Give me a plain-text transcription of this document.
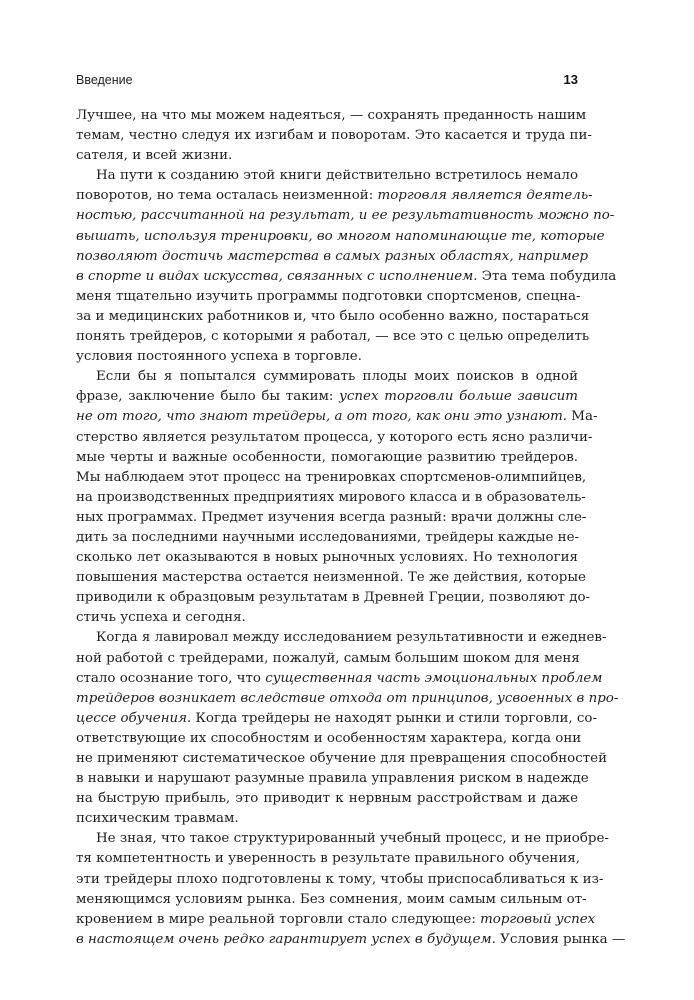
Введение	13
Лучшее, на что мы можем надеяться, — сохранять преданность нашим
темам, честно следуя их изгибам и поворотам. Это касается и труда пи-
сателя, и всей жизни.
На пути к созданию этой книги действительно встретилось немало
поворотов, но тема осталась неизменной: торговля является деятель-
ностью, рассчитанной на результат, и ее результативность можно по-
вышать, используя тренировки, во многом напоминающие те, которые
позволяют достичь мастерства в самых разных областях, например
в спорте и видах искусства, связанных с исполнением. Эта тема побудила
меня тщательно изучить программы подготовки спортсменов, спецна-
за и медицинских работников и, что было особенно важно, постараться
понять трейдеров, с которыми я работал, — все это с целью определить
условия постоянного успеха в торговле.
Если бы я попытался суммировать плоды моих поисков в одной
фразе, заключение было бы таким: успех торговли больше зависит
не от того, что знают трейдеры, а от того, как они это узнают. Ма-
стерство является результатом процесса, у которого есть ясно различи-
мые черты и важные особенности, помогающие развитию трейдеров.
Мы наблюдаем этот процесс на тренировках спортсменов-олимпийцев,
на производственных предприятиях мирового класса и в образователь-
ных программах. Предмет изучения всегда разный: врачи должны сле-
дить за последними научными исследованиями, трейдеры каждые не-
сколько лет оказываются в новых рыночных условиях. Но технология
повышения мастерства остается неизменной. Те же действия, которые
приводили к образцовым результатам в Древней Греции, позволяют до-
стичь успеха и сегодня.
Когда я лавировал между исследованием результативности и ежеднев-
ной работой с трейдерами, пожалуй, самым большим шоком для меня
стало осознание того, что существенная часть эмоциональных проблем
трейдеров возникает вследствие отхода от принципов, усвоенных в про-
цессе обучения. Когда трейдеры не находят рынки и стили торговли, со-
ответствующие их способностям и особенностям характера, когда они
не применяют систематическое обучение для превращения способностей
в навыки и нарушают разумные правила управления риском в надежде
на быструю прибыль, это приводит к нервным расстройствам и даже
психическим травмам.
Не зная, что такое структурированный учебный процесс, и не приобре-
тя компетентность и уверенность в результате правильного обучения,
эти трейдеры плохо подготовлены к тому, чтобы приспосабливаться к из-
меняющимся условиям рынка. Без сомнения, моим самым сильным от-
кровением в мире реальной торговли стало следующее: торговый успех
в настоящем очень редко гарантирует успех в будущем. Условия рынка —
